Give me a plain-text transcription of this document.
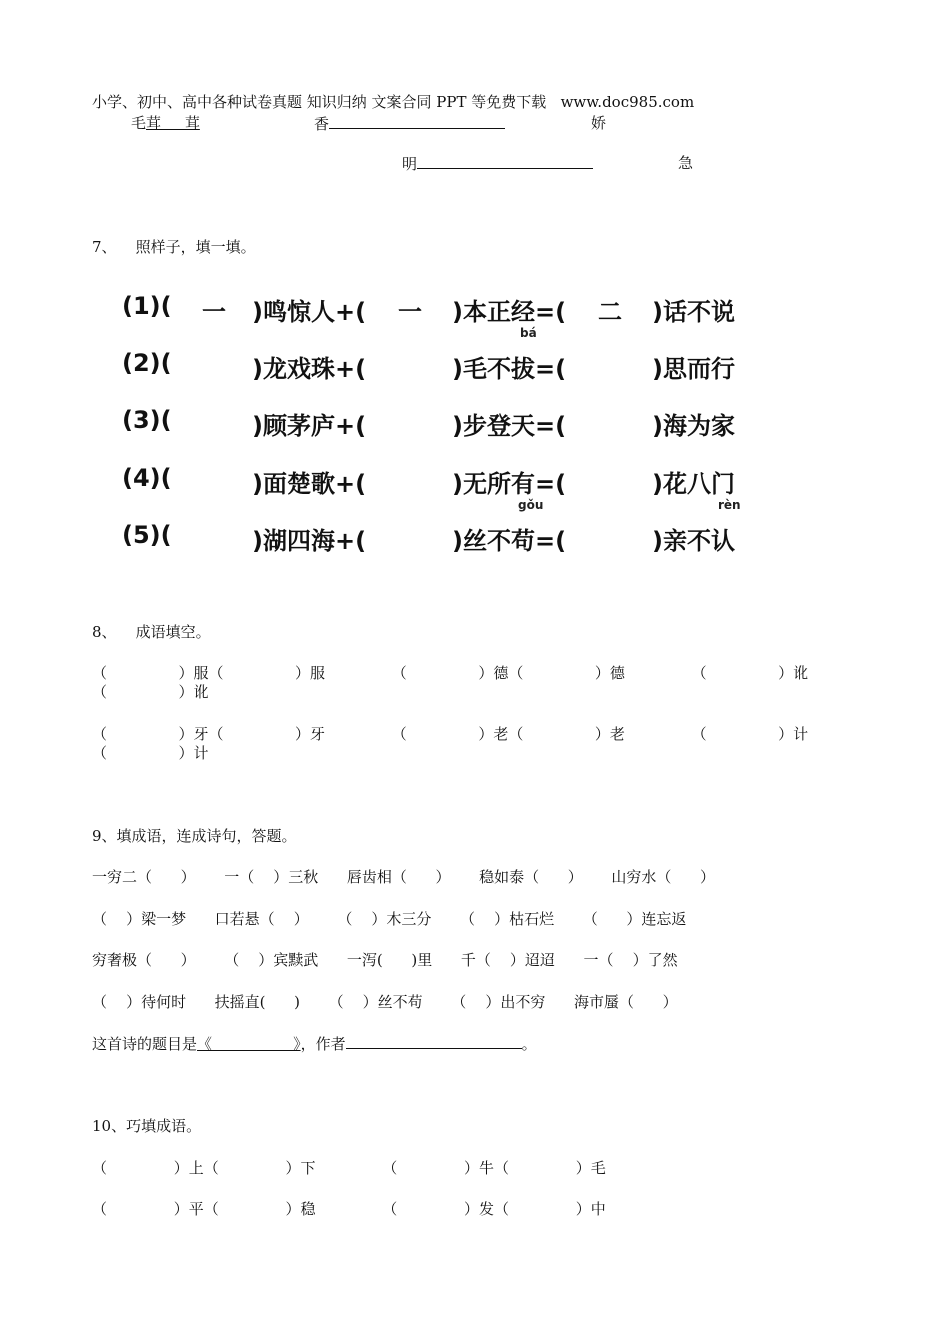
小学、初中、高中各种试卷真题 知识归纳 文案合同 PPT 等免费下载   www.doc985.com
毛茸     茸	香	娇
明	急
7、    照样子，填一填。
(1)( 一 )鸣惊人+( 一 )本正经=( 二 )话不说
bá
(2)(	)龙戏珠+(	)毛不拔=(	)思而行
(3)(	)顾茅庐+(	)步登天=(	)海为家
(4)(	)面楚歌+(	)无所有=(	)花八门
gǒu	rèn
(5)(	)湖四海+(	)丝不苟=(	)亲不认
8、    成语填空。
（               ）服（               ）服              （               ）德（               ）德              （               ）讹
（               ）讹
（               ）牙（               ）牙              （               ）老（               ）老              （               ）计
（               ）计
9、填成语，连成诗句，答题。
一穷二（      ）      一（    ）三秋      唇齿相（      ）      稳如泰（      ）      山穷水（      ）
（    ）梁一梦      口若悬（    ）      （    ）木三分      （    ）枯石烂      （      ）连忘返
穷奢极（      ）      （    ）宾黩武      一泻(      )里      千（    ）迢迢      一（    ）了然
（    ）待何时      扶摇直(      )      （    ）丝不苟      （    ）出不穷      海市蜃（      ）
这首诗的题目是《                 》，作者	。
10、巧填成语。
（              ）上（              ）下              （              ）牛（              ）毛
（              ）平（              ）稳              （              ）发（              ）中
